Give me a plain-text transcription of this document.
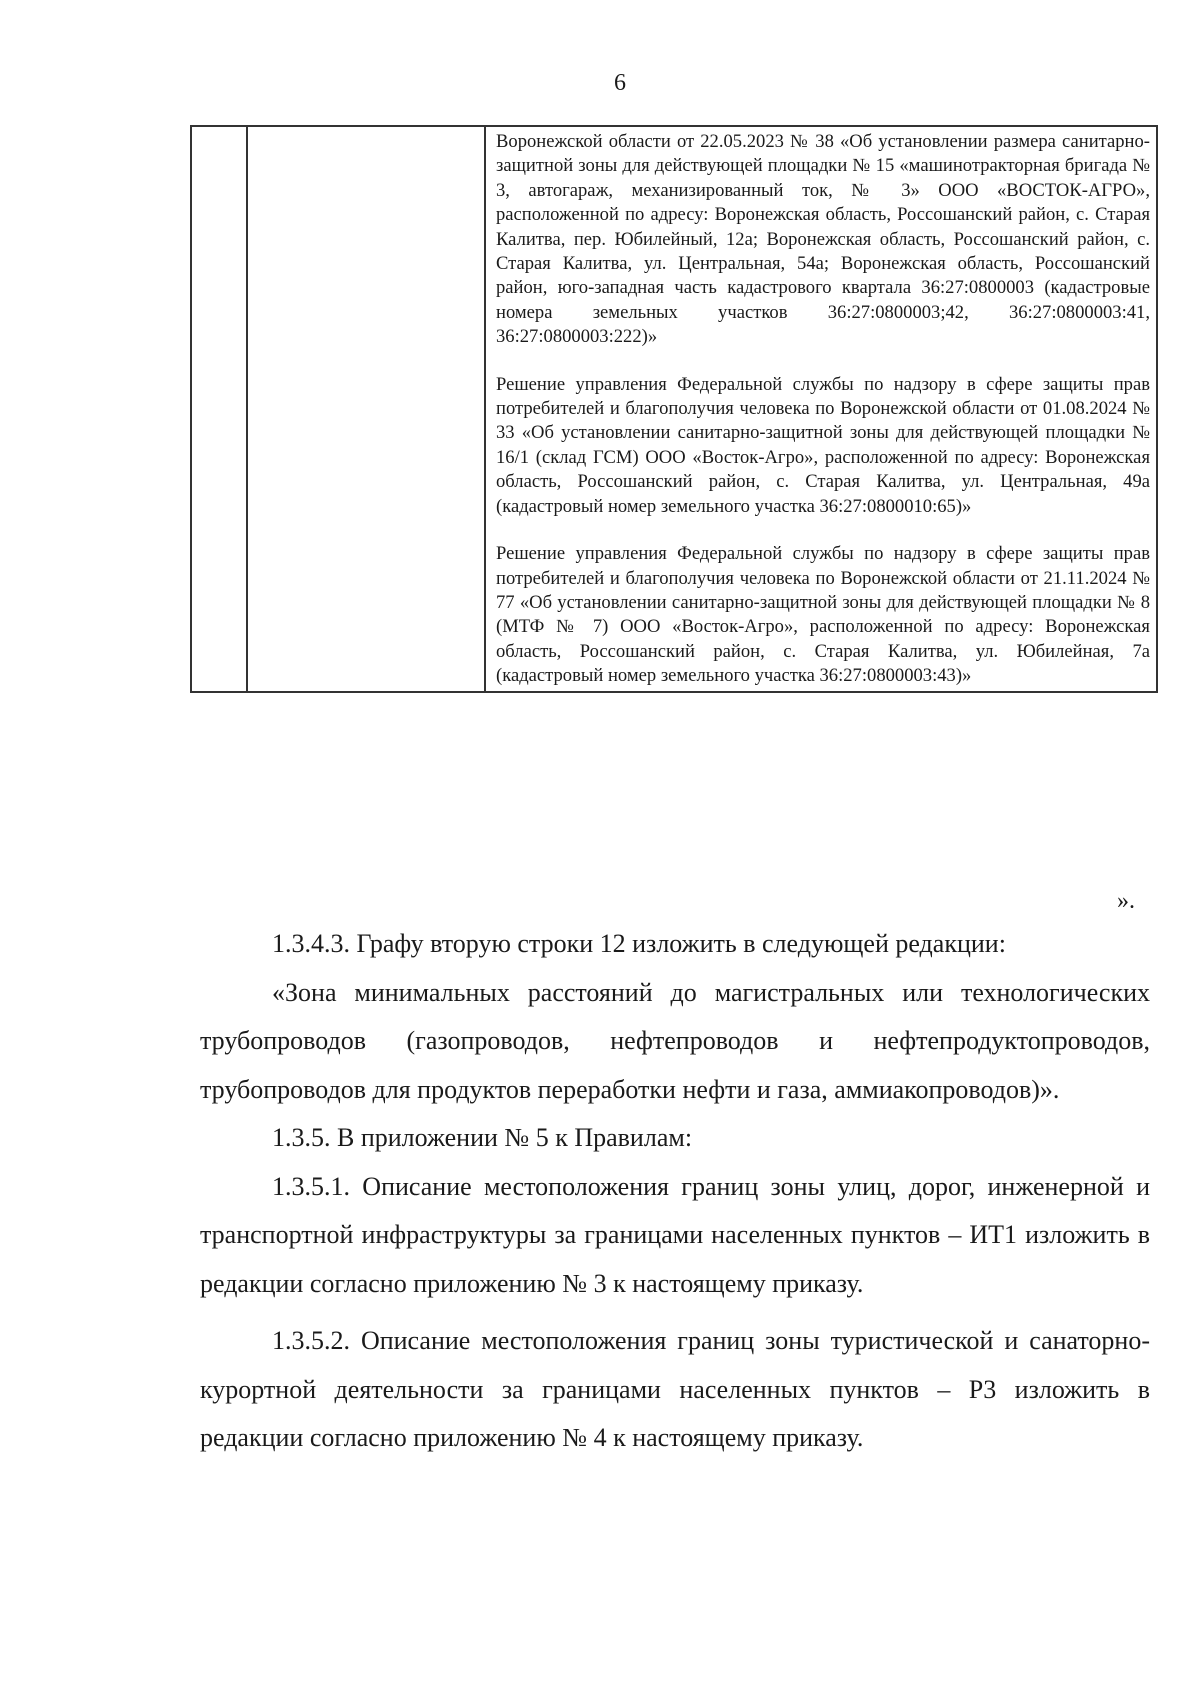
6

Воронежской области от 22.05.2023 № 38 «Об установлении размера санитарно-защитной зоны для действующей площадки № 15 «машинотракторная бригада № 3, автогараж, механизированный ток, № 3» ООО «ВОСТОК-АГРО», расположенной по адресу: Воронежская область, Россошанский район, с. Старая Калитва, пер. Юбилейный, 12а; Воронежская область, Россошанский район, с. Старая Калитва, ул. Центральная, 54а; Воронежская область, Россошанский район, юго-западная часть кадастрового квартала 36:27:0800003 (кадастровые номера земельных участков 36:27:0800003;42, 36:27:0800003:41, 36:27:0800003:222)»

Решение управления Федеральной службы по надзору в сфере защиты прав потребителей и благополучия человека по Воронежской области от 01.08.2024 № 33 «Об установлении санитарно-защитной зоны для действующей площадки № 16/1 (склад ГСМ) ООО «Восток-Агро», расположенной по адресу: Воронежская область, Россошанский район, с. Старая Калитва, ул. Центральная, 49а (кадастровый номер земельного участка 36:27:0800010:65)»

Решение управления Федеральной службы по надзору в сфере защиты прав потребителей и благополучия человека по Воронежской области от 21.11.2024 № 77 «Об установлении санитарно-защитной зоны для действующей площадки № 8 (МТФ № 7) ООО «Восток-Агро», расположенной по адресу: Воронежская область, Россошанский район, с. Старая Калитва, ул. Юбилейная, 7а (кадастровый номер земельного участка 36:27:0800003:43)»

».

1.3.4.3. Графу вторую строки 12 изложить в следующей редакции:

«Зона минимальных расстояний до магистральных или технологических трубопроводов (газопроводов, нефтепроводов и нефтепродуктопроводов, трубопроводов для продуктов переработки нефти и газа, аммиакопроводов)».

1.3.5. В приложении № 5 к Правилам:

1.3.5.1. Описание местоположения границ зоны улиц, дорог, инженерной и транспортной инфраструктуры за границами населенных пунктов – ИТ1 изложить в редакции согласно приложению № 3 к настоящему приказу.

1.3.5.2. Описание местоположения границ зоны туристической и санаторно-курортной деятельности за границами населенных пунктов – Р3 изложить в редакции согласно приложению № 4 к настоящему приказу.
